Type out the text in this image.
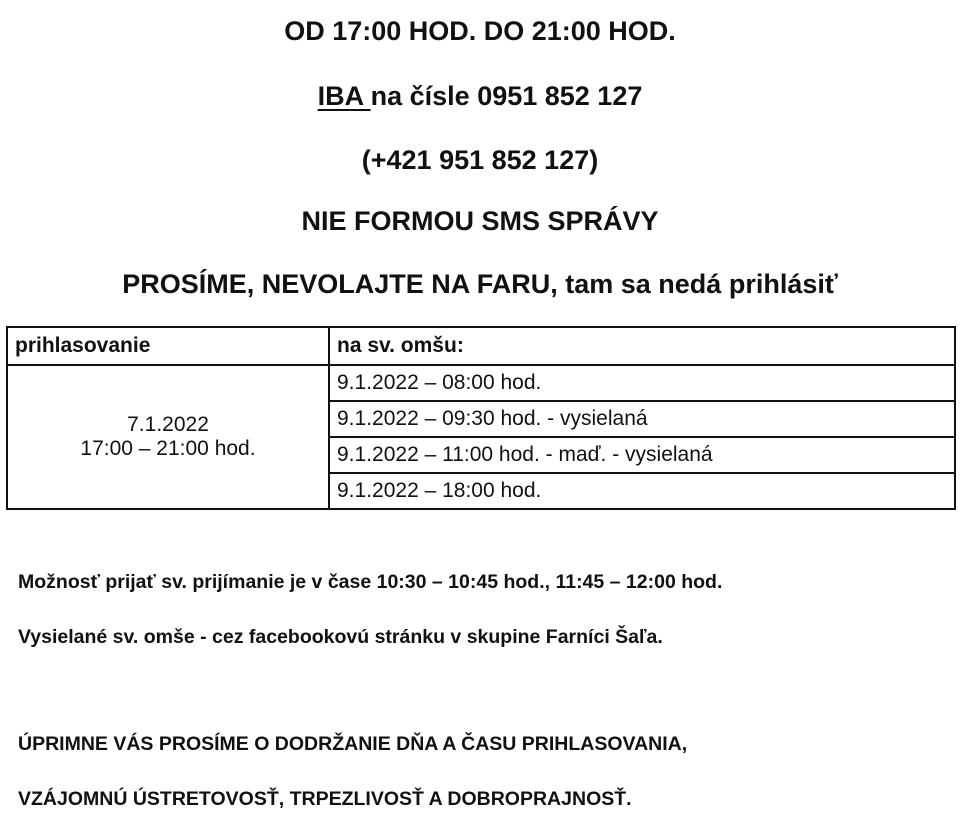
OD 17:00 HOD. DO 21:00 HOD.
IBA na čísle 0951 852 127
(+421 951 852 127)
NIE FORMOU SMS SPRÁVY
PROSÍME, NEVOLAJTE NA FARU, tam sa nedá prihlásiť
prihlasovanie	na sv. omšu:

7.1.2022
17:00 – 21:00 hod.	9.1.2022 – 08:00 hod.
	9.1.2022 – 09:30 hod. - vysielaná
	9.1.2022 – 11:00 hod. - maď. - vysielaná
	9.1.2022 – 18:00 hod.
Možnosť prijať sv. prijímanie je v čase 10:30 – 10:45 hod., 11:45 – 12:00 hod.
Vysielané sv. omše - cez facebookovú stránku v skupine Farníci Šaľa.
ÚPRIMNE VÁS PROSÍME O DODRŽANIE DŇA A ČASU PRIHLASOVANIA,
VZÁJOMNÚ ÚSTRETOVOSŤ, TRPEZLIVOSŤ A DOBROPRAJNOSŤ.
